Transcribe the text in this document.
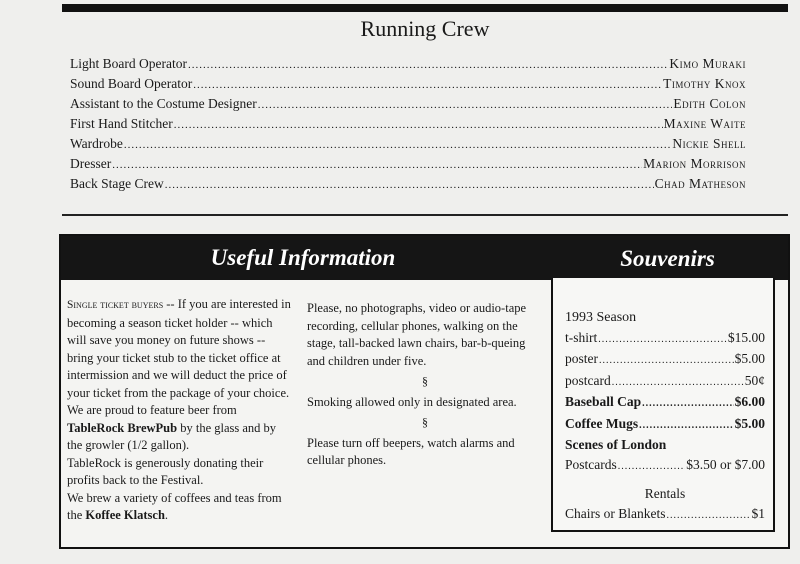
Running Crew
Light Board Operator .....	Kimo Muraki
Sound Board Operator .....	Timothy Knox
Assistant to the Costume Designer .....	Edith Colon
First Hand Stitcher .....	Maxine Waite
Wardrobe .....	Nickie Shell
Dresser .....	Marion Morrison
Back Stage Crew .....	Chad Matheson
Useful Information	Souvenirs

Single ticket buyers -- If you are interested in becoming a season ticket holder -- which will save you money on future shows -- bring your ticket stub to the ticket office at intermission and we will deduct the price of your ticket from the package of your choice.

We are proud to feature beer from TableRock BrewPub by the glass and by the growler (1/2 gallon).

TableRock is generously donating their profits back to the Festival.

We brew a variety of coffees and teas from the Koffee Klatsch.

Please, no photographs, video or audio-tape recording, cellular phones, walking on the stage, tall-backed lawn chairs, bar-b-queing and children under five.

§

Smoking allowed only in designated area.

§

Please turn off beepers, watch alarms and cellular phones.

1993 Season
t-shirt .....	$15.00
poster .....	$5.00
postcard .....	50¢
Baseball Cap .....	$6.00
Coffee Mugs .....	$5.00
Scenes of London
Postcards .....	$3.50 or $7.00
Rentals
Chairs or Blankets .....	$1
